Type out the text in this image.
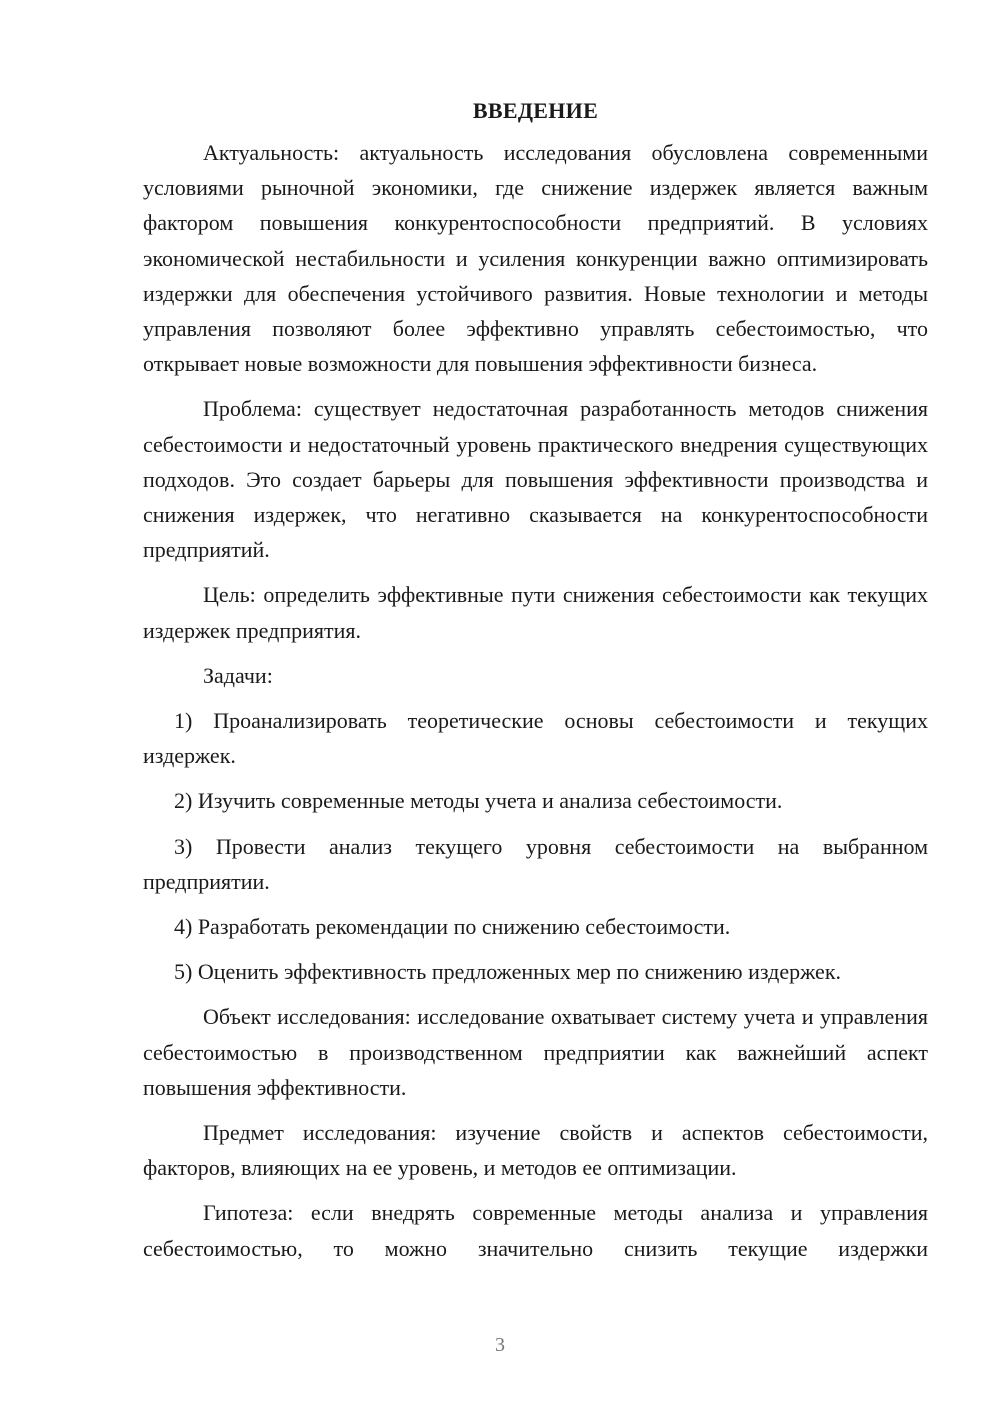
ВВЕДЕНИЕ

Актуальность: актуальность исследования обусловлена современными условиями рыночной экономики, где снижение издержек является важным фактором повышения конкурентоспособности предприятий. В условиях экономической нестабильности и усиления конкуренции важно оптимизировать издержки для обеспечения устойчивого развития. Новые технологии и методы управления позволяют более эффективно управлять себестоимостью, что открывает новые возможности для повышения эффективности бизнеса.

Проблема: существует недостаточная разработанность методов снижения себестоимости и недостаточный уровень практического внедрения существующих подходов. Это создает барьеры для повышения эффективности производства и снижения издержек, что негативно сказывается на конкурентоспособности предприятий.

Цель: определить эффективные пути снижения себестоимости как текущих издержек предприятия.

Задачи:

1) Проанализировать теоретические основы себестоимости и текущих издержек.

2) Изучить современные методы учета и анализа себестоимости.

3) Провести анализ текущего уровня себестоимости на выбранном предприятии.

4) Разработать рекомендации по снижению себестоимости.

5) Оценить эффективность предложенных мер по снижению издержек.

Объект исследования: исследование охватывает систему учета и управления себестоимостью в производственном предприятии как важнейший аспект повышения эффективности.

Предмет исследования: изучение свойств и аспектов себестоимости, факторов, влияющих на ее уровень, и методов ее оптимизации.

Гипотеза: если внедрять современные методы анализа и управления себестоимостью, то можно значительно снизить текущие издержки

3
